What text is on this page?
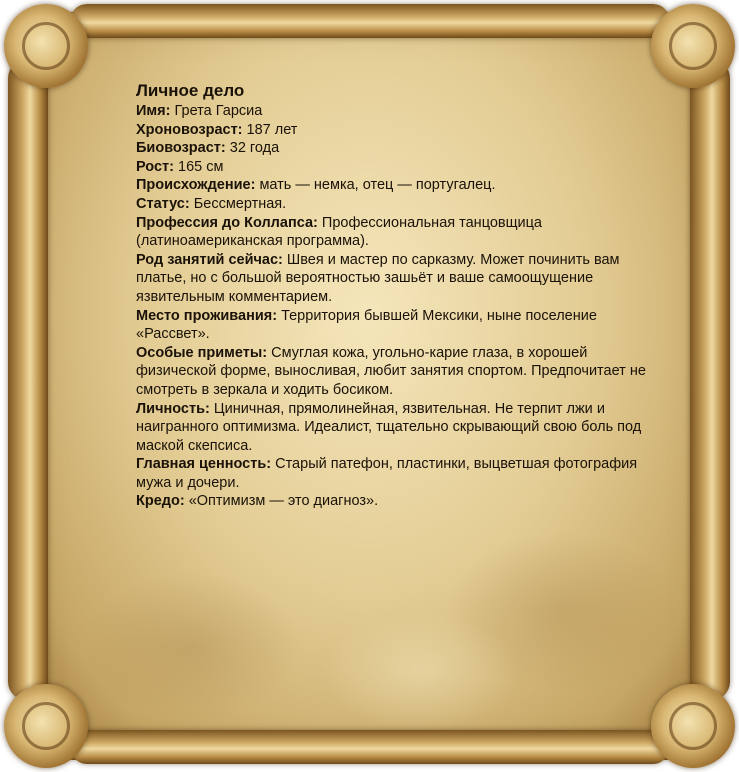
Личное дело
Имя: Грета Гарсиа
Хроновозраст: 187 лет
Биовозраст: 32 года
Рост: 165 см
Происхождение: мать — немка, отец — португалец.
Статус: Бессмертная.
Профессия до Коллапса: Профессиональная танцовщица (латиноамериканская программа).
Род занятий сейчас: Швея и мастер по сарказму. Может починить вам платье, но с большой вероятностью зашьёт и ваше самоощущение язвительным комментарием.
Место проживания: Территория бывшей Мексики, ныне поселение «Рассвет».
Особые приметы: Смуглая кожа, угольно-карие глаза, в хорошей физической форме, выносливая, любит занятия спортом. Предпочитает не смотреть в зеркала и ходить босиком.
Личность: Циничная, прямолинейная, язвительная. Не терпит лжи и наигранного оптимизма. Идеалист, тщательно скрывающий свою боль под маской скепсиса.
Главная ценность: Старый патефон, пластинки, выцветшая фотография мужа и дочери.
Кредо: «Оптимизм — это диагноз».
